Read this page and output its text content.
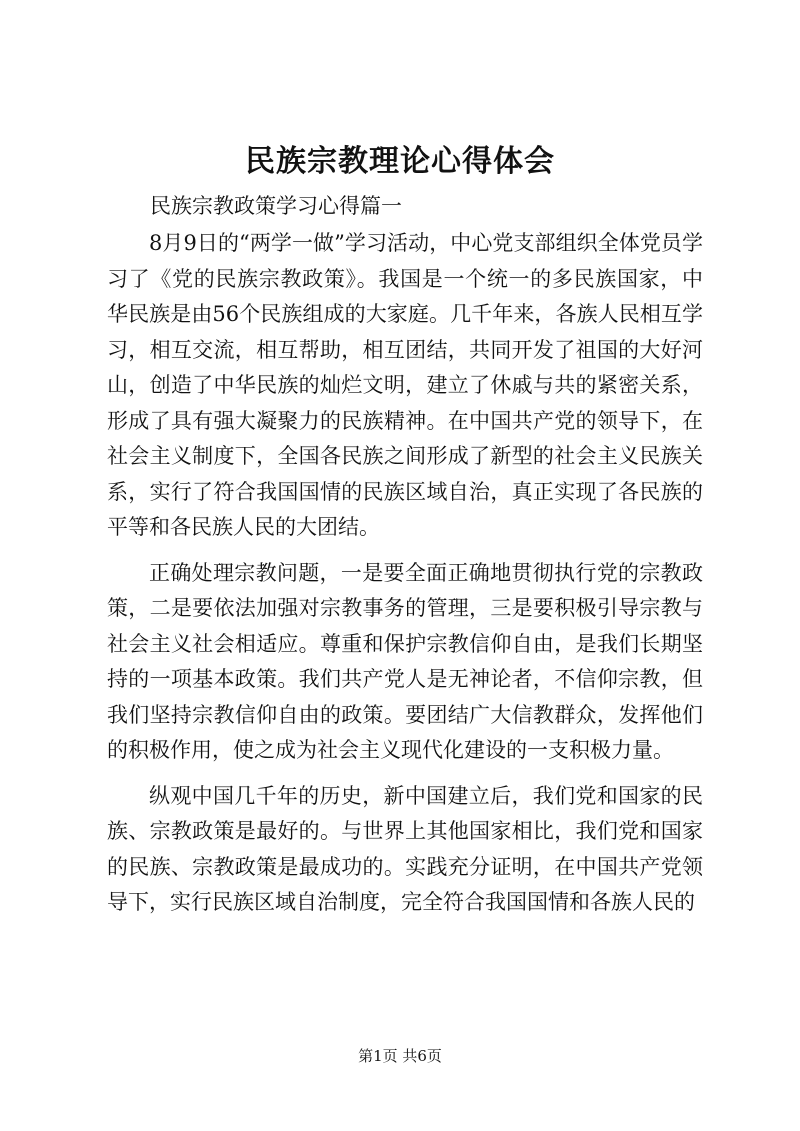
民族宗教理论心得体会

民族宗教政策学习心得篇一

8月9日的“两学一做”学习活动，中心党支部组织全体党员学习了《党的民族宗教政策》。我国是一个统一的多民族国家，中华民族是由56个民族组成的大家庭。几千年来，各族人民相互学习，相互交流，相互帮助，相互团结，共同开发了祖国的大好河山，创造了中华民族的灿烂文明，建立了休戚与共的紧密关系，形成了具有强大凝聚力的民族精神。在中国共产党的领导下，在社会主义制度下，全国各民族之间形成了新型的社会主义民族关系，实行了符合我国国情的民族区域自治，真正实现了各民族的平等和各民族人民的大团结。

正确处理宗教问题，一是要全面正确地贯彻执行党的宗教政策，二是要依法加强对宗教事务的管理，三是要积极引导宗教与社会主义社会相适应。尊重和保护宗教信仰自由，是我们长期坚持的一项基本政策。我们共产党人是无神论者，不信仰宗教，但我们坚持宗教信仰自由的政策。要团结广大信教群众，发挥他们的积极作用，使之成为社会主义现代化建设的一支积极力量。

纵观中国几千年的历史，新中国建立后，我们党和国家的民族、宗教政策是最好的。与世界上其他国家相比，我们党和国家的民族、宗教政策是最成功的。实践充分证明，在中国共产党领导下，实行民族区域自治制度，完全符合我国国情和各族人民的

第1页 共6页
